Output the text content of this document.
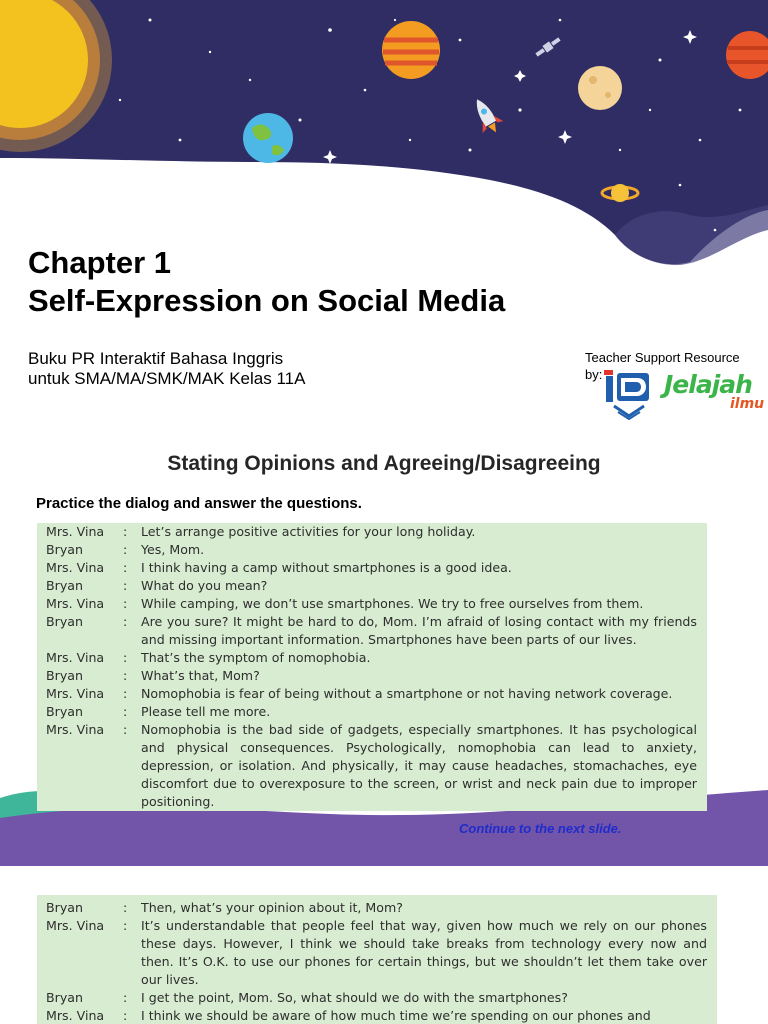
Chapter 1
Self-Expression on Social Media
Buku PR Interaktif Bahasa Inggris
untuk SMA/MA/SMK/MAK Kelas 11A
Teacher Support Resource
by:	Jelajah
ilmu
Stating Opinions and Agreeing/Disagreeing
Practice the dialog and answer the questions.
Mrs. Vina	:	Let’s arrange positive activities for your long holiday.
Bryan	:	Yes, Mom.
Mrs. Vina	:	I think having a camp without smartphones is a good idea.
Bryan	:	What do you mean?
Mrs. Vina	:	While camping, we don’t use smartphones. We try to free ourselves from them.
Bryan	:	Are you sure? It might be hard to do, Mom. I’m afraid of losing contact with my friends and missing important information. Smartphones have been parts of our lives.
Mrs. Vina	:	That’s the symptom of nomophobia.
Bryan	:	What’s that, Mom?
Mrs. Vina	:	Nomophobia is fear of being without a smartphone or not having network coverage.
Bryan	:	Please tell me more.
Mrs. Vina	:	Nomophobia is the bad side of gadgets, especially smartphones. It has psychological and physical consequences. Psychologically, nomophobia can lead to anxiety, depression, or isolation. And physically, it may cause headaches, stomachaches, eye discomfort due to overexposure to the screen, or wrist and neck pain due to improper positioning.
Continue to the next slide.
Bryan	:	Then, what’s your opinion about it, Mom?
Mrs. Vina	:	It’s understandable that people feel that way, given how much we rely on our phones these days. However, I think we should take breaks from technology every now and then. It’s O.K. to use our phones for certain things, but we shouldn’t let them take over our lives.
Bryan	:	I get the point, Mom. So, what should we do with the smartphones?
Mrs. Vina	:	I think we should be aware of how much time we’re spending on our phones and
